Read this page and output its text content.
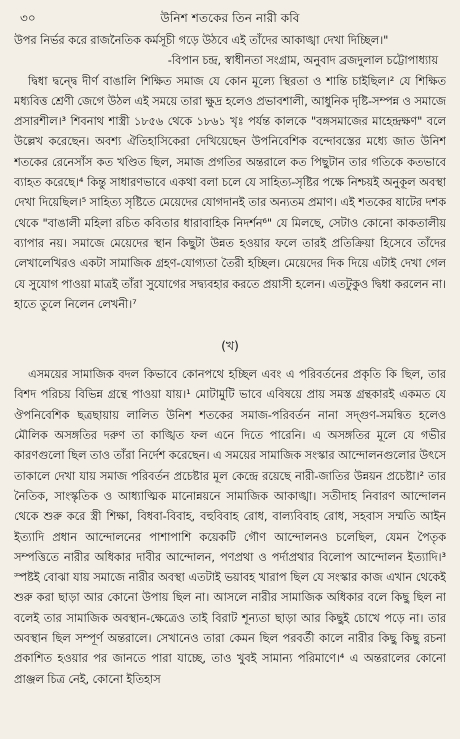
৩০	উনিশ শতকের তিন নারী কবি

উপর নির্ভর করে রাজনৈতিক কর্মসূচী গড়ে উঠবে এই তাঁদের আকাঙ্খা দেখা দিচ্ছিল।"

-বিপান চন্দ্র, স্বাধীনতা সংগ্রাম, অনুবাদ ব্রজদুলাল চট্টোপাধ্যায়

দ্বিধা দ্বন্দ্বে দীর্ণ বাঙালি শিক্ষিত সমাজ যে কোন মূল্যে স্থিরতা ও শান্তি চাইছিল।² যে শিক্ষিত মধ্যবিত্ত শ্রেণী জেগে উঠল এই সময়ে তারা ক্ষুদ্র হলেও প্রভাবশালী, আধুনিক দৃষ্টি-সম্পন্ন ও সমাজে প্রসারশীল।³ শিবনাথ শাস্ত্রী ১৮৫৬ থেকে ১৮৬১ খৃঃ পর্যন্ত কালকে "বঙ্গসমাজের মাহেন্দ্রক্ষণ" বলে উল্লেখ করেছেন। অবশ্য ঐতিহাসিকেরা দেখিয়েছেন উপনিবেশিক বন্দোবস্তের মধ্যে জাত উনিশ শতকের রেনেসাঁস কত খণ্ডিত ছিল, সমাজ প্রগতির অন্তরালে কত পিছুটান তার গতিকে কতভাবে ব্যাহত করেছে।⁴ কিন্তু সাধারণভাবে একথা বলা চলে যে সাহিত্য-সৃষ্টির পক্ষে নিশ্চয়ই অনুকূল অবস্থা দেখা দিয়েছিল।⁵ সাহিত্য সৃষ্টিতে মেয়েদের যোগদানই তার অন্যতম প্রমাণ। এই শতকের ষাটের দশক থেকে "বাঙালী মহিলা রচিত কবিতার ধারাবাহিক নিদর্শন⁶" যে মিলছে, সেটাও কোনো কাকতালীয় ব্যাপার নয়। সমাজে মেয়েদের স্থান কিছুটা উন্নত হওয়ার ফলে তারই প্রতিক্রিয়া হিসেবে তাঁদের লেখালেখিরও একটা সামাজিক গ্রহণ-যোগ্যতা তৈরী হচ্ছিল। মেয়েদের দিক দিয়ে এটাই দেখা গেল যে সুযোগ পাওয়া মাত্রই তাঁরা সুযোগের সদ্ব্যবহার করতে প্রয়াসী হলেন। এতটুকুও দ্বিধা করলেন না। হাতে তুলে নিলেন লেখনী।⁷

(খ)

এসময়ের সামাজিক বদল কিভাবে কোনপথে হচ্ছিল এবং এ পরিবর্তনের প্রকৃতি কি ছিল, তার বিশদ পরিচয় বিভিন্ন গ্রন্থে পাওয়া যায়।¹ মোটামুটি ভাবে এবিষয়ে প্রায় সমস্ত গ্রন্থকারই একমত যে ঔপনিবেশিক ছত্রছায়ায় লালিত উনিশ শতকের সমাজ-পরিবর্তন নানা সদ্গুণ-সমন্বিত হলেও মৌলিক অসঙ্গতির দরুণ তা কাঙ্খিত ফল এনে দিতে পারেনি। এ অসঙ্গতির মূলে যে গভীর কারণগুলো ছিল তাও তাঁরা নির্দেশ করেছেন। এ সময়ের সামাজিক সংস্কার আন্দোলনগুলোর উৎসে তাকালে দেখা যায় সমাজ পরিবর্তন প্রচেষ্টার মূল কেন্দ্রে রয়েছে নারী-জাতির উন্নয়ন প্রচেষ্টা।² তার নৈতিক, সাংস্কৃতিক ও আধ্যাত্মিক মানোন্নয়নে সামাজিক আকাঙ্খা। সতীদাহ নিবারণ আন্দোলন থেকে শুরু করে স্ত্রী শিক্ষা, বিধবা-বিবাহ, বহুবিবাহ রোধ, বাল্যবিবাহ রোধ, সহবাস সম্মতি আইন ইত্যাদি প্রধান আন্দোলনের পাশাপাশি কয়েকটি গৌণ আন্দোলনও চলেছিল, যেমন পৈতৃক সম্পত্তিতে নারীর অধিকার দাবীর আন্দোলন, পণপ্রথা ও পর্দাপ্রথার বিলোপ আন্দোলন ইত্যাদি।³ স্পষ্টই বোঝা যায় সমাজে নারীর অবস্থা এতটাই ভয়াবহ খারাপ ছিল যে সংস্কার কাজ এখান থেকেই শুরু করা ছাড়া আর কোনো উপায় ছিল না। আসলে নারীর সামাজিক অধিকার বলে কিছু ছিল না বলেই তার সামাজিক অবস্থান-ক্ষেত্রেও তাই বিরাট শূন্যতা ছাড়া আর কিছুই চোখে পড়ে না। তার অবস্থান ছিল সম্পূর্ণ অন্তরালে। সেখানেও তারা কেমন ছিল পরবর্তী কালে নারীর কিছু কিছু রচনা প্রকাশিত হওয়ার পর জানতে পারা যাচ্ছে, তাও খুবই সামান্য পরিমাণে।⁴ এ অন্তরালের কোনো প্রাঞ্জল চিত্র নেই, কোনো ইতিহাস
